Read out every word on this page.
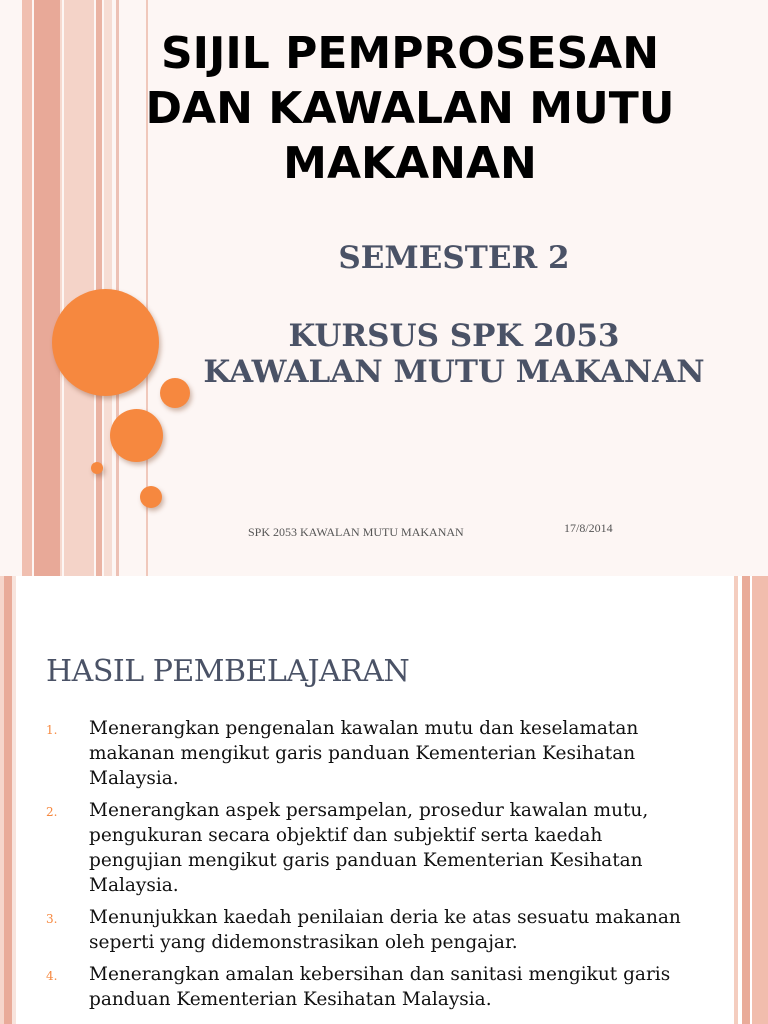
SIJIL PEMPROSESAN
DAN KAWALAN MUTU
MAKANAN
SEMESTER 2
KURSUS SPK 2053
KAWALAN MUTU MAKANAN
SPK 2053 KAWALAN MUTU MAKANAN	17/8/2014
HASIL PEMBELAJARAN
1.	Menerangkan pengenalan kawalan mutu dan keselamatan makanan mengikut garis panduan Kementerian Kesihatan Malaysia.
2.	Menerangkan aspek persampelan, prosedur kawalan mutu, pengukuran secara objektif dan subjektif serta kaedah pengujian mengikut garis panduan Kementerian Kesihatan Malaysia.
3.	Menunjukkan kaedah penilaian deria ke atas sesuatu makanan seperti yang didemonstrasikan oleh pengajar.
4.	Menerangkan amalan kebersihan dan sanitasi mengikut garis panduan Kementerian Kesihatan Malaysia.
